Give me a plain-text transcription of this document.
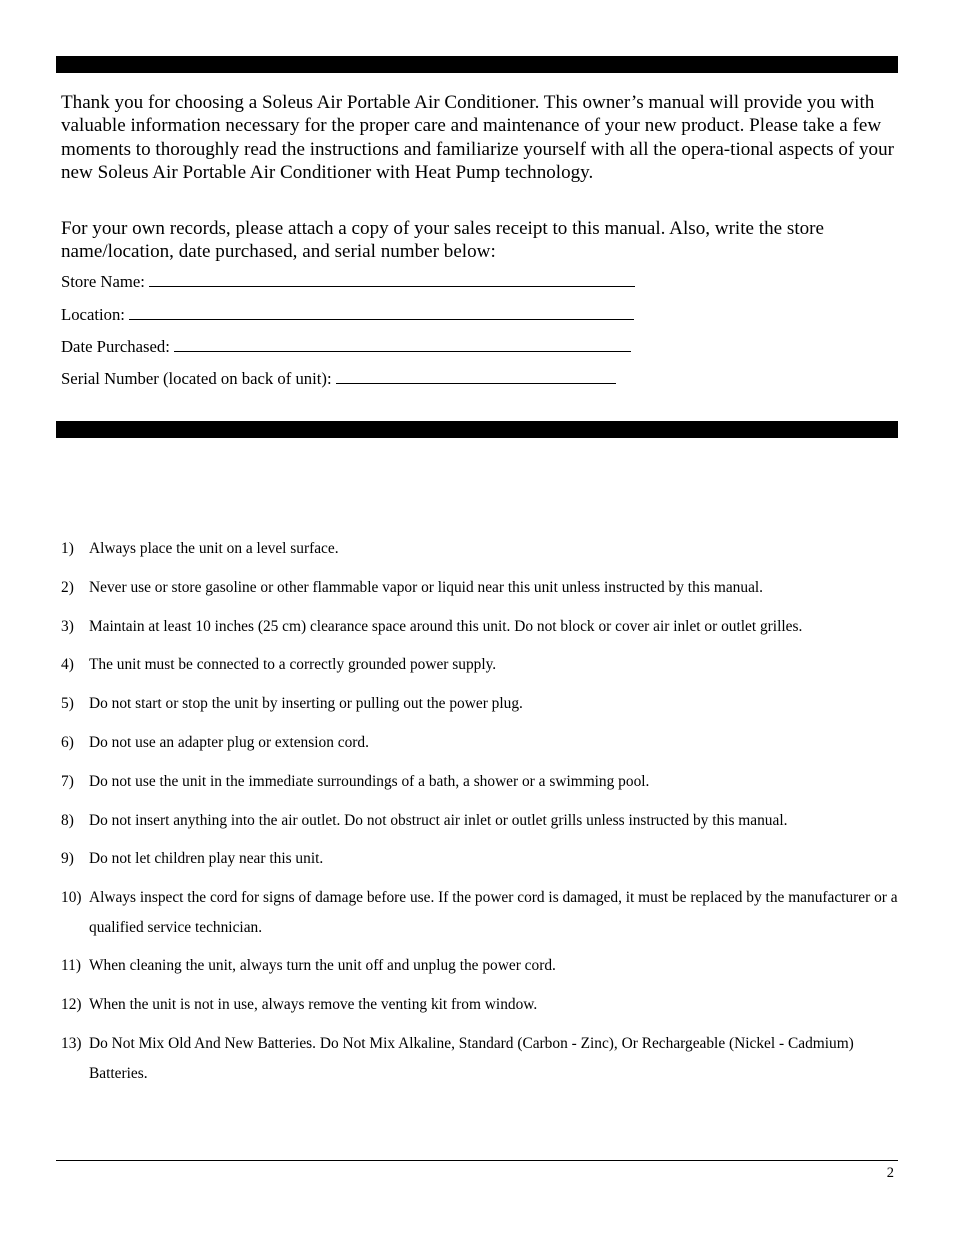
Thank you for choosing a Soleus Air Portable Air Conditioner. This owner’s manual will provide you with valuable information necessary for the proper care and maintenance of your new product. Please take a few moments to thoroughly read the instructions and familiarize yourself with all the opera-tional aspects of your new Soleus Air Portable Air Conditioner with Heat Pump technology.

For your own records, please attach a copy of your sales receipt to this manual. Also, write the store name/location, date purchased, and serial number below:

Store Name:
Location:
Date Purchased:
Serial Number (located on back of unit):
1) Always place the unit on a level surface.
2) Never use or store gasoline or other flammable vapor or liquid near this unit unless instructed by this manual.
3) Maintain at least 10 inches (25 cm) clearance space around this unit. Do not block or cover air inlet or outlet grilles.
4) The unit must be connected to a correctly grounded power supply.
5) Do not start or stop the unit by inserting or pulling out the power plug.
6) Do not use an adapter plug or extension cord.
7) Do not use the unit in the immediate surroundings of a bath, a shower or a swimming pool.
8) Do not insert anything into the air outlet. Do not obstruct air inlet or outlet grills unless instructed by this manual.
9) Do not let children play near this unit.
10) Always inspect the cord for signs of damage before use. If the power cord is damaged, it must be replaced by the manufacturer or a qualified service technician.
11) When cleaning the unit, always turn the unit off and unplug the power cord.
12) When the unit is not in use, always remove the venting kit from window.
13) Do Not Mix Old And New Batteries. Do Not Mix Alkaline, Standard (Carbon - Zinc), Or Rechargeable (Nickel - Cadmium) Batteries.
2
